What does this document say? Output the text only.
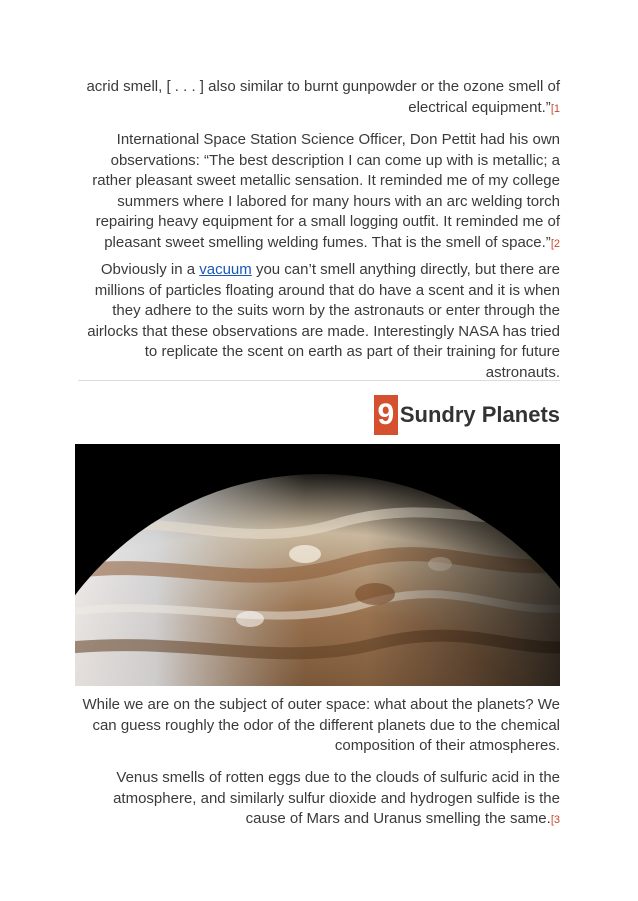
acrid smell, [ . . . ] also similar to burnt gunpowder or the ozone smell of electrical equipment.”[1

International Space Station Science Officer, Don Pettit had his own observations: “The best description I can come up with is metallic; a rather pleasant sweet metallic sensation. It reminded me of my college summers where I labored for many hours with an arc welding torch repairing heavy equipment for a small logging outfit. It reminded me of pleasant sweet smelling welding fumes. That is the smell of space.”[2

Obviously in a vacuum you can’t smell anything directly, but there are millions of particles floating around that do have a scent and it is when they adhere to the suits worn by the astronauts or enter through the airlocks that these observations are made. Interestingly NASA has tried to replicate the scent on earth as part of their training for future astronauts.

9 Sundry Planets

While we are on the subject of outer space: what about the planets? We can guess roughly the odor of the different planets due to the chemical composition of their atmospheres.

Venus smells of rotten eggs due to the clouds of sulfuric acid in the atmosphere, and similarly sulfur dioxide and hydrogen sulfide is the cause of Mars and Uranus smelling the same.[3
